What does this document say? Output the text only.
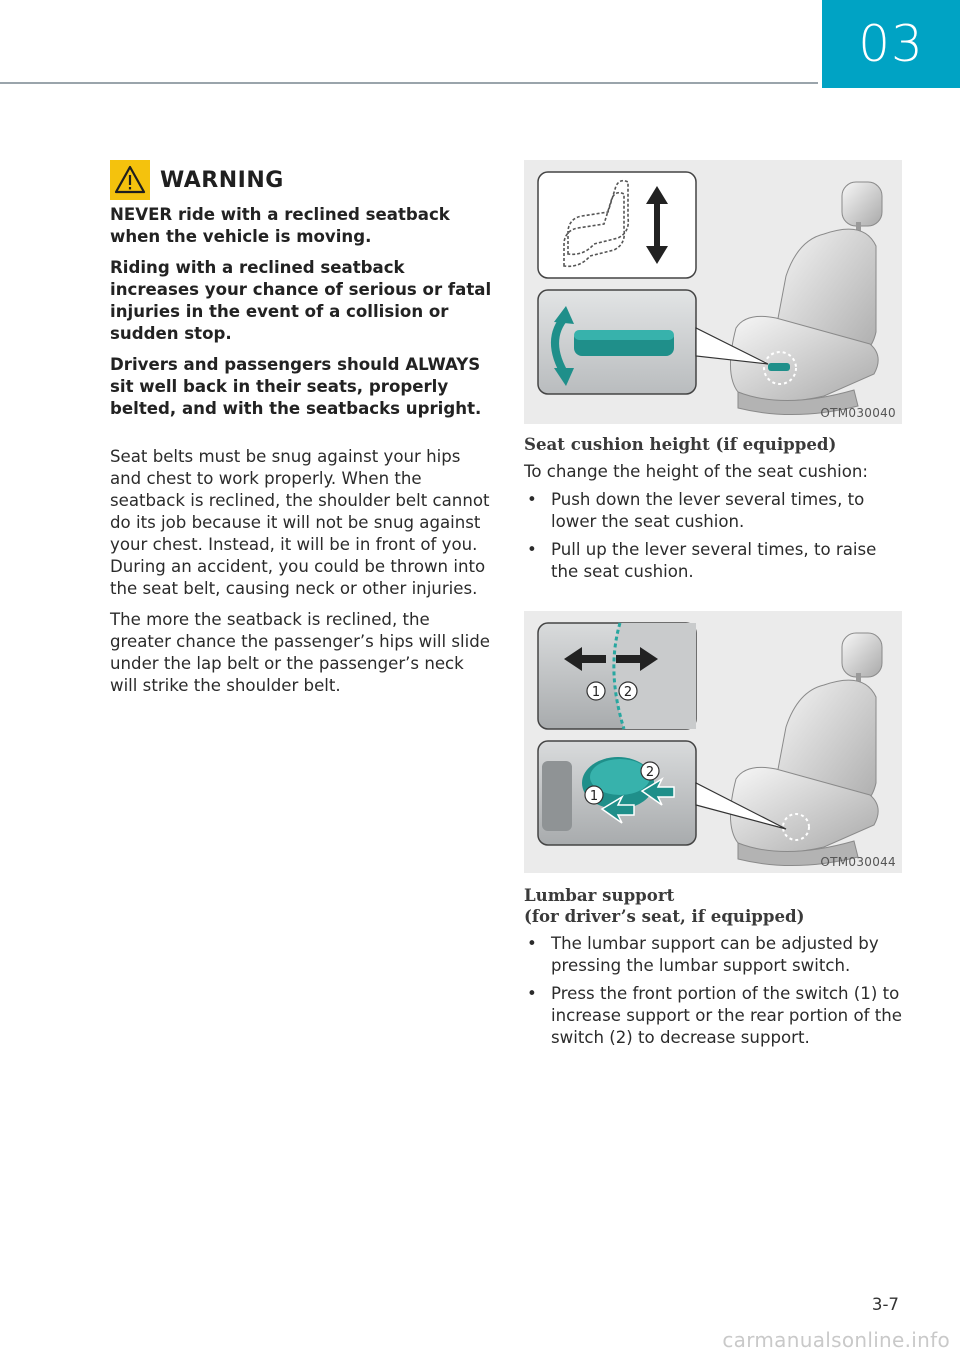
03
WARNING

NEVER ride with a reclined seatback when the vehicle is moving.

Riding with a reclined seatback increases your chance of serious or fatal injuries in the event of a collision or sudden stop.

Drivers and passengers should ALWAYS sit well back in their seats, properly belted, and with the seatbacks upright.

Seat belts must be snug against your hips and chest to work properly. When the seatback is reclined, the shoulder belt cannot do its job because it will not be snug against your chest. Instead, it will be in front of you. During an accident, you could be thrown into the seat belt, causing neck or other injuries.

The more the seatback is reclined, the greater chance the passenger’s hips will slide under the lap belt or the passenger’s neck will strike the shoulder belt.

OTM030040
Seat cushion height (if equipped)

To change the height of the seat cushion:

• Push down the lever several times, to lower the seat cushion.
• Pull up the lever several times, to raise the seat cushion.
1 2
1
2
OTM030044
Lumbar support
(for driver’s seat, if equipped)
• The lumbar support can be adjusted by pressing the lumbar support switch.
• Press the front portion of the switch (1) to increase support or the rear portion of the switch (2) to decrease support.
3-7
carmanualsonline.info
